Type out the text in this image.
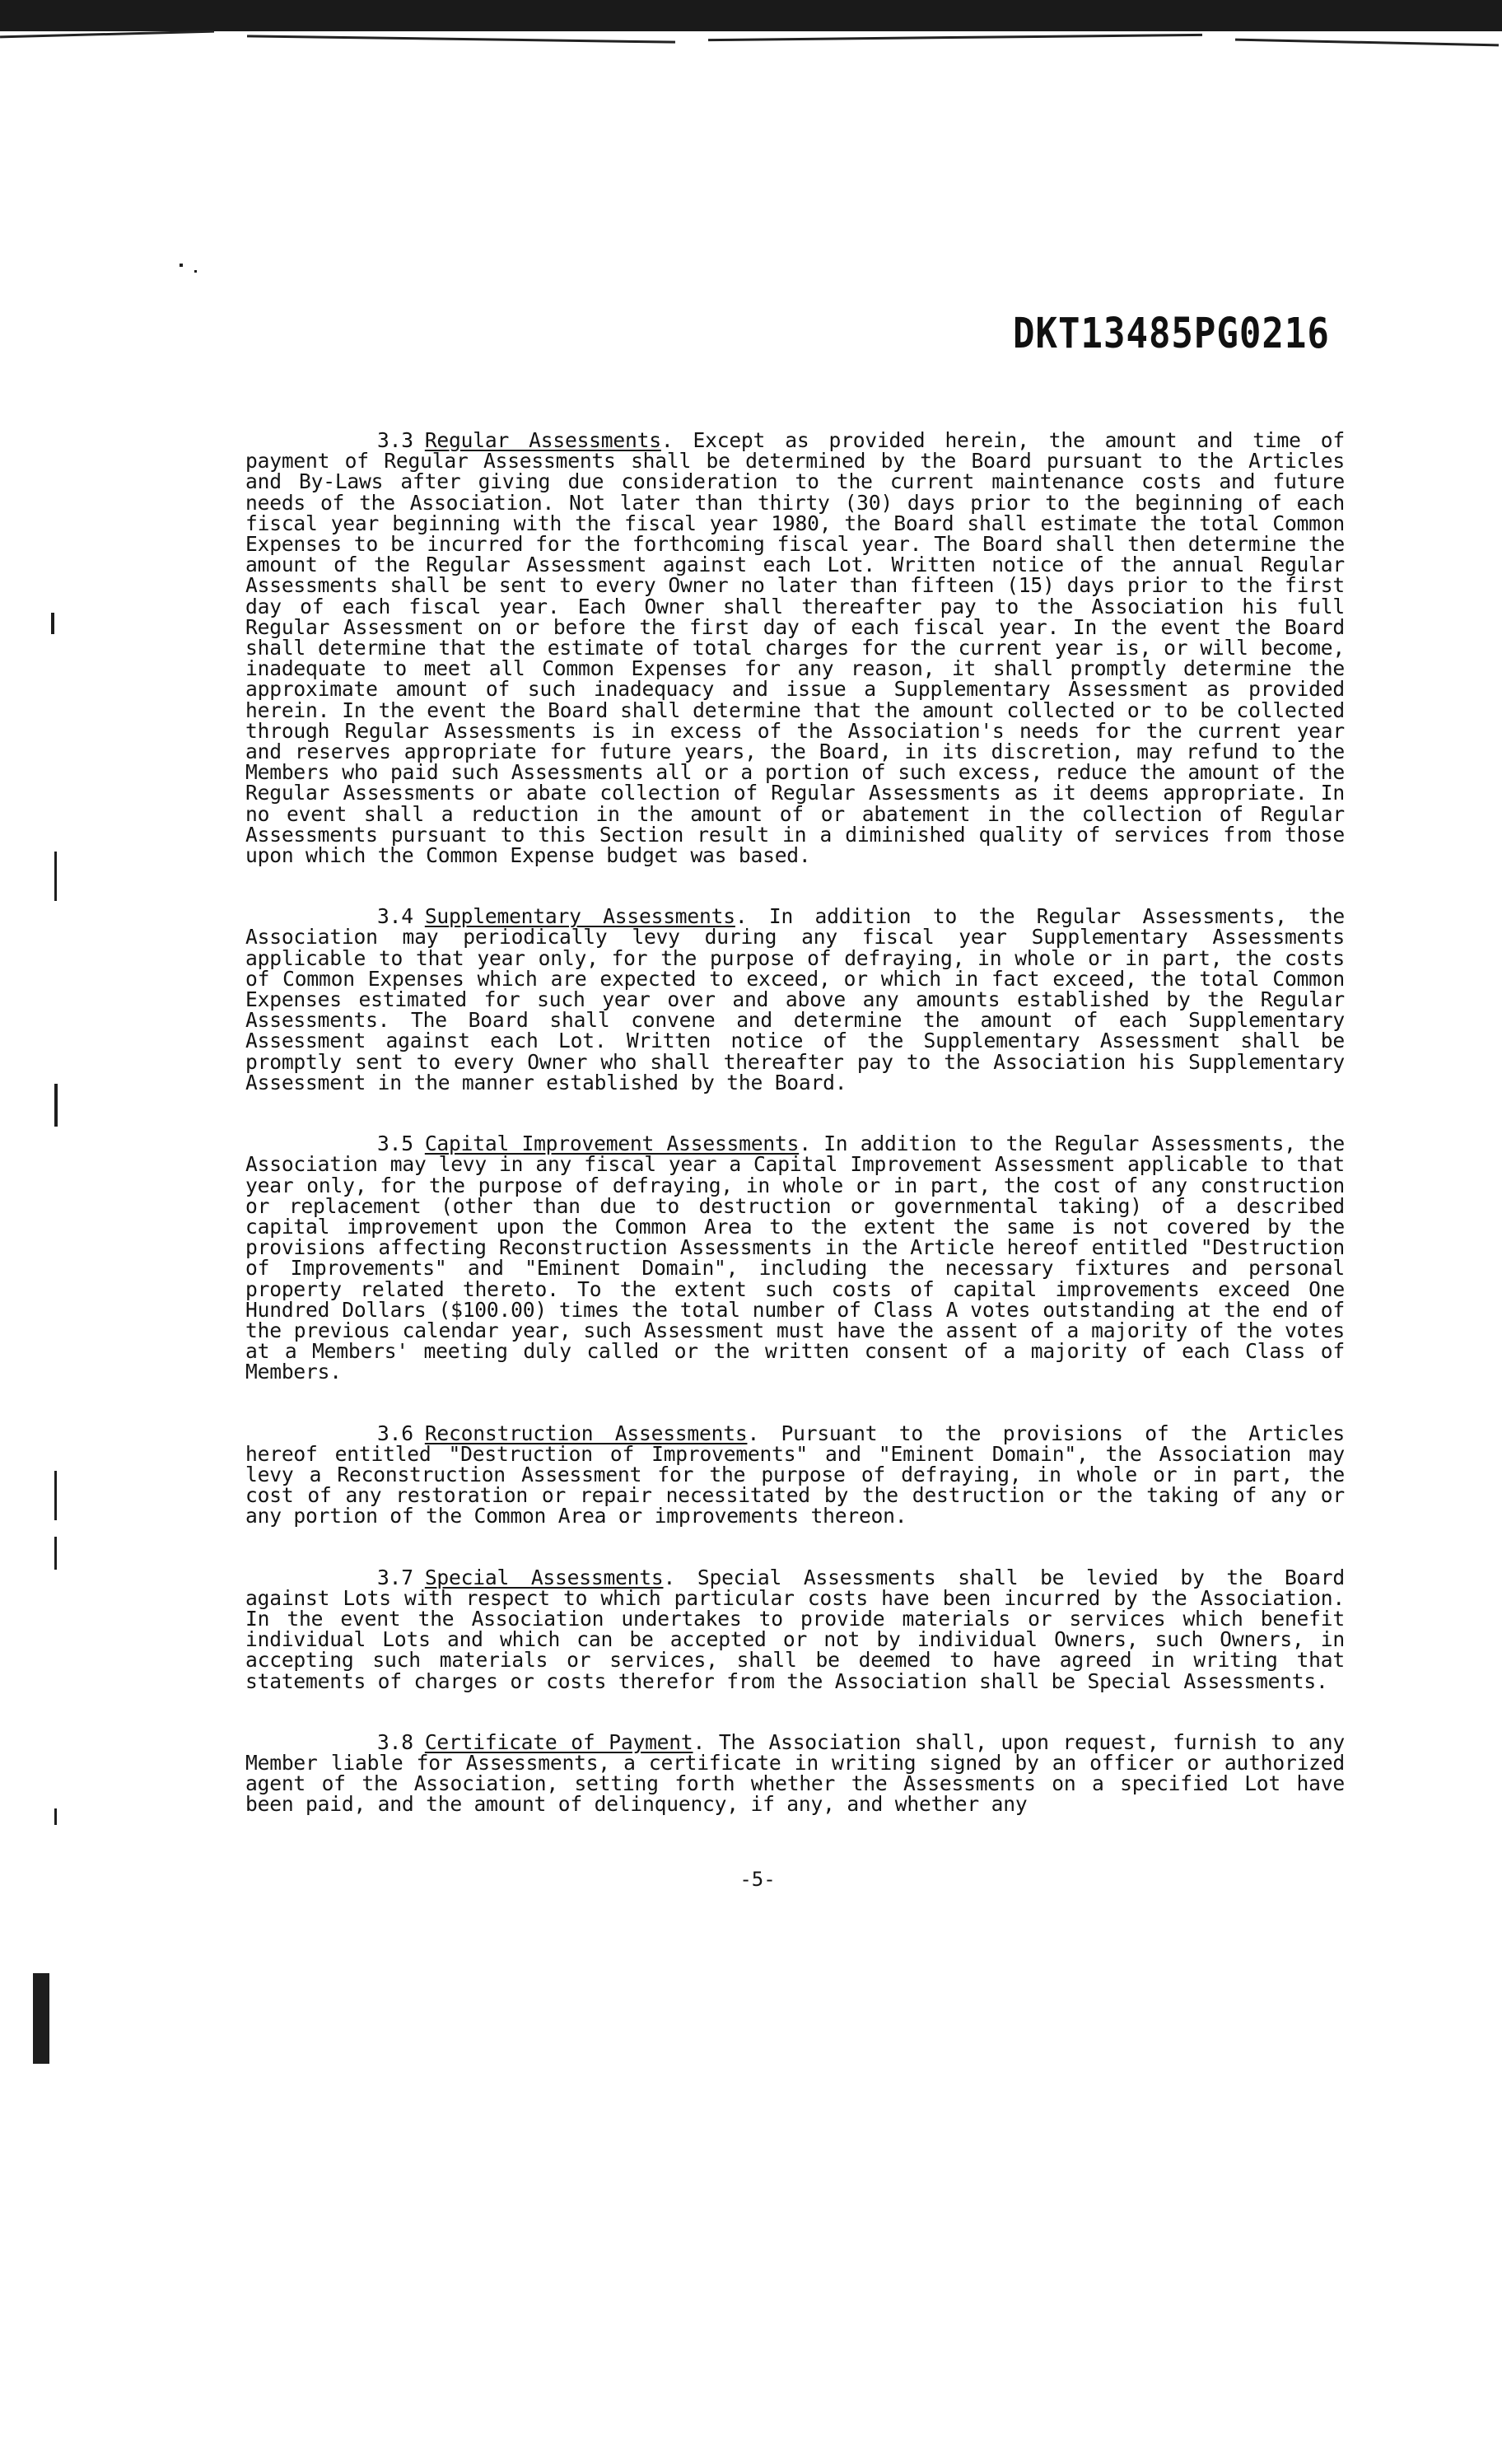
DKT13485PG0216

3.3 Regular Assessments. Except as provided herein, the amount and time of payment of Regular Assessments shall be determined by the Board pursuant to the Articles and By-Laws after giving due consideration to the current maintenance costs and future needs of the Association. Not later than thirty (30) days prior to the beginning of each fiscal year beginning with the fiscal year 1980, the Board shall estimate the total Common Expenses to be incurred for the forthcoming fiscal year. The Board shall then determine the amount of the Regular Assessment against each Lot. Written notice of the annual Regular Assessments shall be sent to every Owner no later than fifteen (15) days prior to the first day of each fiscal year. Each Owner shall thereafter pay to the Association his full Regular Assessment on or before the first day of each fiscal year. In the event the Board shall determine that the estimate of total charges for the current year is, or will become, inadequate to meet all Common Expenses for any reason, it shall promptly determine the approximate amount of such inadequacy and issue a Supplementary Assessment as provided herein. In the event the Board shall determine that the amount collected or to be collected through Regular Assessments is in excess of the Association's needs for the current year and reserves appropriate for future years, the Board, in its discretion, may refund to the Members who paid such Assessments all or a portion of such excess, reduce the amount of the Regular Assessments or abate collection of Regular Assessments as it deems appropriate. In no event shall a reduction in the amount of or abatement in the collection of Regular Assessments pursuant to this Section result in a diminished quality of services from those upon which the Common Expense budget was based.

3.4 Supplementary Assessments. In addition to the Regular Assessments, the Association may periodically levy during any fiscal year Supplementary Assessments applicable to that year only, for the purpose of defraying, in whole or in part, the costs of Common Expenses which are expected to exceed, or which in fact exceed, the total Common Expenses estimated for such year over and above any amounts established by the Regular Assessments. The Board shall convene and determine the amount of each Supplementary Assessment against each Lot. Written notice of the Supplementary Assessment shall be promptly sent to every Owner who shall thereafter pay to the Association his Supplementary Assessment in the manner established by the Board.

3.5 Capital Improvement Assessments. In addition to the Regular Assessments, the Association may levy in any fiscal year a Capital Improvement Assessment applicable to that year only, for the purpose of defraying, in whole or in part, the cost of any construction or replacement (other than due to destruction or governmental taking) of a described capital improvement upon the Common Area to the extent the same is not covered by the provisions affecting Reconstruction Assessments in the Article hereof entitled "Destruction of Improvements" and "Eminent Domain", including the necessary fixtures and personal property related thereto. To the extent such costs of capital improvements exceed One Hundred Dollars ($100.00) times the total number of Class A votes outstanding at the end of the previous calendar year, such Assessment must have the assent of a majority of the votes at a Members' meeting duly called or the written consent of a majority of each Class of Members.

3.6 Reconstruction Assessments. Pursuant to the provisions of the Articles hereof entitled "Destruction of Improvements" and "Eminent Domain", the Association may levy a Reconstruction Assessment for the purpose of defraying, in whole or in part, the cost of any restoration or repair necessitated by the destruction or the taking of any or any portion of the Common Area or improvements thereon.

3.7 Special Assessments. Special Assessments shall be levied by the Board against Lots with respect to which particular costs have been incurred by the Association. In the event the Association undertakes to provide materials or services which benefit individual Lots and which can be accepted or not by individual Owners, such Owners, in accepting such materials or services, shall be deemed to have agreed in writing that statements of charges or costs therefor from the Association shall be Special Assessments.

3.8 Certificate of Payment. The Association shall, upon request, furnish to any Member liable for Assessments, a certificate in writing signed by an officer or authorized agent of the Association, setting forth whether the Assessments on a specified Lot have been paid, and the amount of delinquency, if any, and whether any

-5-
